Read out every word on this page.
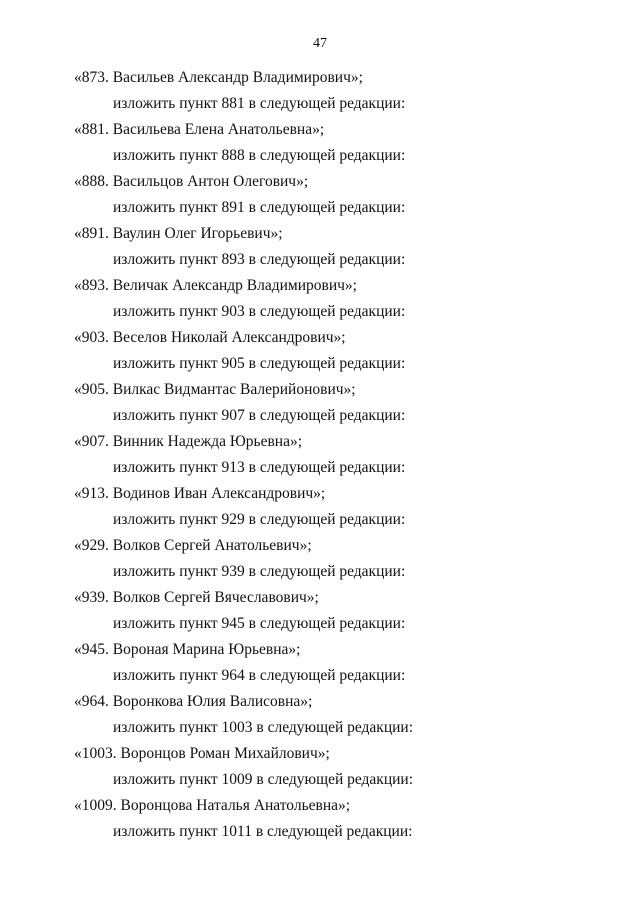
47
«873. Васильев Александр Владимирович»;
изложить пункт 881 в следующей редакции:
«881. Васильева Елена Анатольевна»;
изложить пункт 888 в следующей редакции:
«888. Васильцов Антон Олегович»;
изложить пункт 891 в следующей редакции:
«891. Ваулин Олег Игорьевич»;
изложить пункт 893 в следующей редакции:
«893. Величак Александр Владимирович»;
изложить пункт 903 в следующей редакции:
«903. Веселов Николай Александрович»;
изложить пункт 905 в следующей редакции:
«905. Вилкас Видмантас Валерийонович»;
изложить пункт 907 в следующей редакции:
«907. Винник Надежда Юрьевна»;
изложить пункт 913 в следующей редакции:
«913. Водинов Иван Александрович»;
изложить пункт 929 в следующей редакции:
«929. Волков Сергей Анатольевич»;
изложить пункт 939 в следующей редакции:
«939. Волков Сергей Вячеславович»;
изложить пункт 945 в следующей редакции:
«945. Вороная Марина Юрьевна»;
изложить пункт 964 в следующей редакции:
«964. Воронкова Юлия Валисовна»;
изложить пункт 1003 в следующей редакции:
«1003. Воронцов Роман Михайлович»;
изложить пункт 1009 в следующей редакции:
«1009. Воронцова Наталья Анатольевна»;
изложить пункт 1011 в следующей редакции:
